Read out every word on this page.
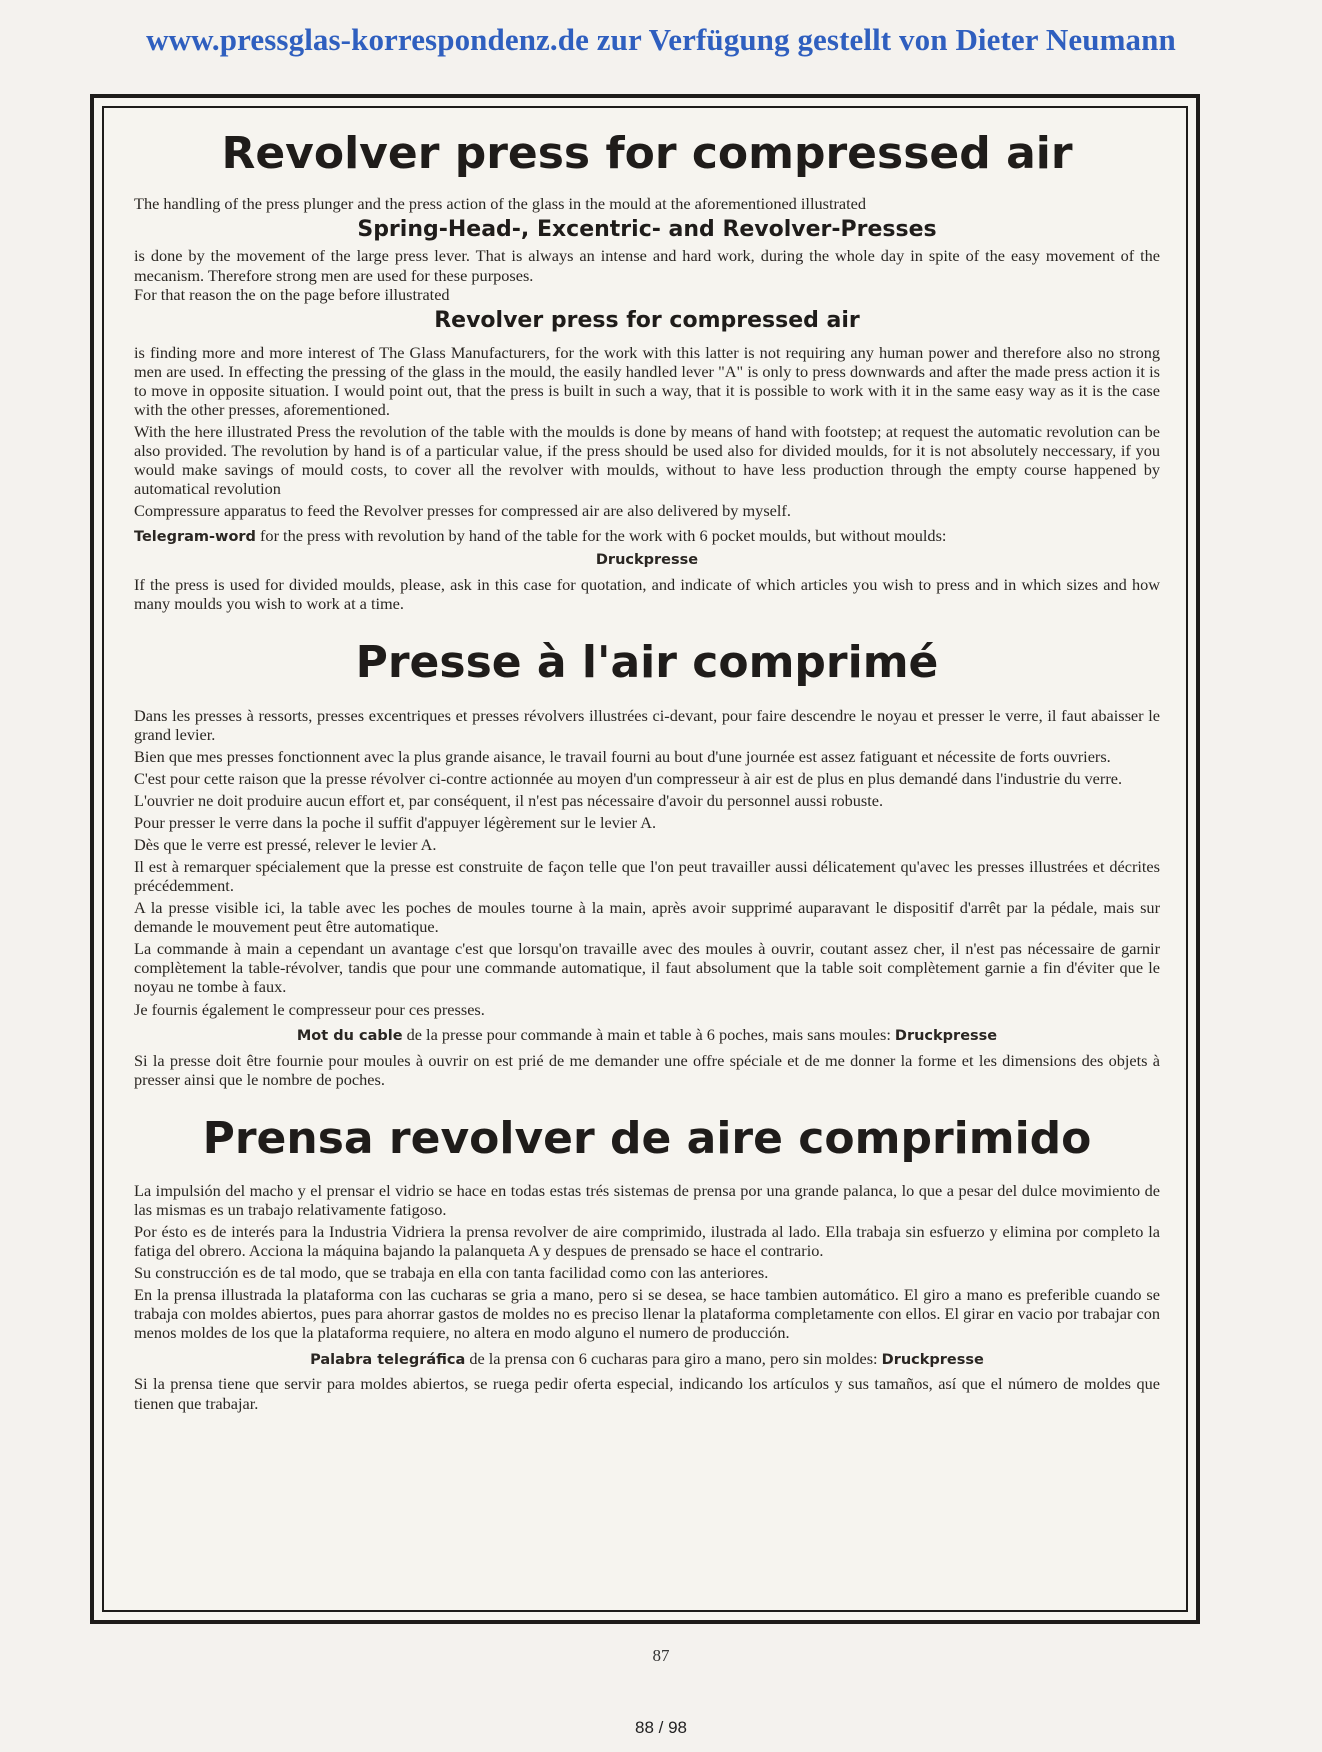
www.pressglas-korrespondenz.de zur Verfügung gestellt von Dieter Neumann
Revolver press for compressed air

The handling of the press plunger and the press action of the glass in the mould at the aforementioned illustrated

Spring-Head-, Excentric- and Revolver-Presses

is done by the movement of the large press lever. That is always an intense and hard work, during the whole day in spite of the easy movement of the mecanism. Therefore strong men are used for these purposes.

For that reason the on the page before illustrated

Revolver press for compressed air

is finding more and more interest of The Glass Manufacturers, for the work with this latter is not requiring any human power and therefore also no strong men are used. In effecting the pressing of the glass in the mould, the easily handled lever "A" is only to press downwards and after the made press action it is to move in opposite situation. I would point out, that the press is built in such a way, that it is possible to work with it in the same easy way as it is the case with the other presses, aforementioned.

With the here illustrated Press the revolution of the table with the moulds is done by means of hand with footstep; at request the automatic revolution can be also provided. The revolution by hand is of a particular value, if the press should be used also for divided moulds, for it is not absolutely neccessary, if you would make savings of mould costs, to cover all the revolver with moulds, without to have less production through the empty course happened by automatical revolution

Compressure apparatus to feed the Revolver presses for compressed air are also delivered by myself.

Telegram-word for the press with revolution by hand of the table for the work with 6 pocket moulds, but without moulds:

Druckpresse

If the press is used for divided moulds, please, ask in this case for quotation, and indicate of which articles you wish to press and in which sizes and how many moulds you wish to work at a time.

Presse à l'air comprimé

Dans les presses à ressorts, presses excentriques et presses révolvers illustrées ci-devant, pour faire descendre le noyau et presser le verre, il faut abaisser le grand levier.

Bien que mes presses fonctionnent avec la plus grande aisance, le travail fourni au bout d'une journée est assez fatiguant et nécessite de forts ouvriers.

C'est pour cette raison que la presse révolver ci-contre actionnée au moyen d'un compresseur à air est de plus en plus demandé dans l'industrie du verre.

L'ouvrier ne doit produire aucun effort et, par conséquent, il n'est pas nécessaire d'avoir du personnel aussi robuste.

Pour presser le verre dans la poche il suffit d'appuyer légèrement sur le levier A.

Dès que le verre est pressé, relever le levier A.

Il est à remarquer spécialement que la presse est construite de façon telle que l'on peut travailler aussi délicatement qu'avec les presses illustrées et décrites précédemment.

A la presse visible ici, la table avec les poches de moules tourne à la main, après avoir supprimé auparavant le dispositif d'arrêt par la pédale, mais sur demande le mouvement peut être automatique.

La commande à main a cependant un avantage c'est que lorsqu'on travaille avec des moules à ouvrir, coutant assez cher, il n'est pas nécessaire de garnir complètement la table-révolver, tandis que pour une commande automatique, il faut absolument que la table soit complètement garnie a fin d'éviter que le noyau ne tombe à faux.

Je fournis également le compresseur pour ces presses.

Mot du cable de la presse pour commande à main et table à 6 poches, mais sans moules: Druckpresse

Si la presse doit être fournie pour moules à ouvrir on est prié de me demander une offre spéciale et de me donner la forme et les dimensions des objets à presser ainsi que le nombre de poches.

Prensa revolver de aire comprimido

La impulsión del macho y el prensar el vidrio se hace en todas estas trés sistemas de prensa por una grande palanca, lo que a pesar del dulce movimiento de las mismas es un trabajo relativamente fatigoso.

Por ésto es de interés para la Industria Vidriera la prensa revolver de aire comprimido, ilustrada al lado. Ella trabaja sin esfuerzo y elimina por completo la fatiga del obrero. Acciona la máquina bajando la palanqueta A y despues de prensado se hace el contrario.

Su construcción es de tal modo, que se trabaja en ella con tanta facilidad como con las anteriores.

En la prensa illustrada la plataforma con las cucharas se gria a mano, pero si se desea, se hace tambien automático. El giro a mano es preferible cuando se trabaja con moldes abiertos, pues para ahorrar gastos de moldes no es preciso llenar la plataforma completamente con ellos. El girar en vacio por trabajar con menos moldes de los que la plataforma requiere, no altera en modo alguno el numero de producción.

Palabra telegráfica de la prensa con 6 cucharas para giro a mano, pero sin moldes: Druckpresse

Si la prensa tiene que servir para moldes abiertos, se ruega pedir oferta especial, indicando los artículos y sus tamaños, así que el número de moldes que tienen que trabajar.

87
88 / 98
